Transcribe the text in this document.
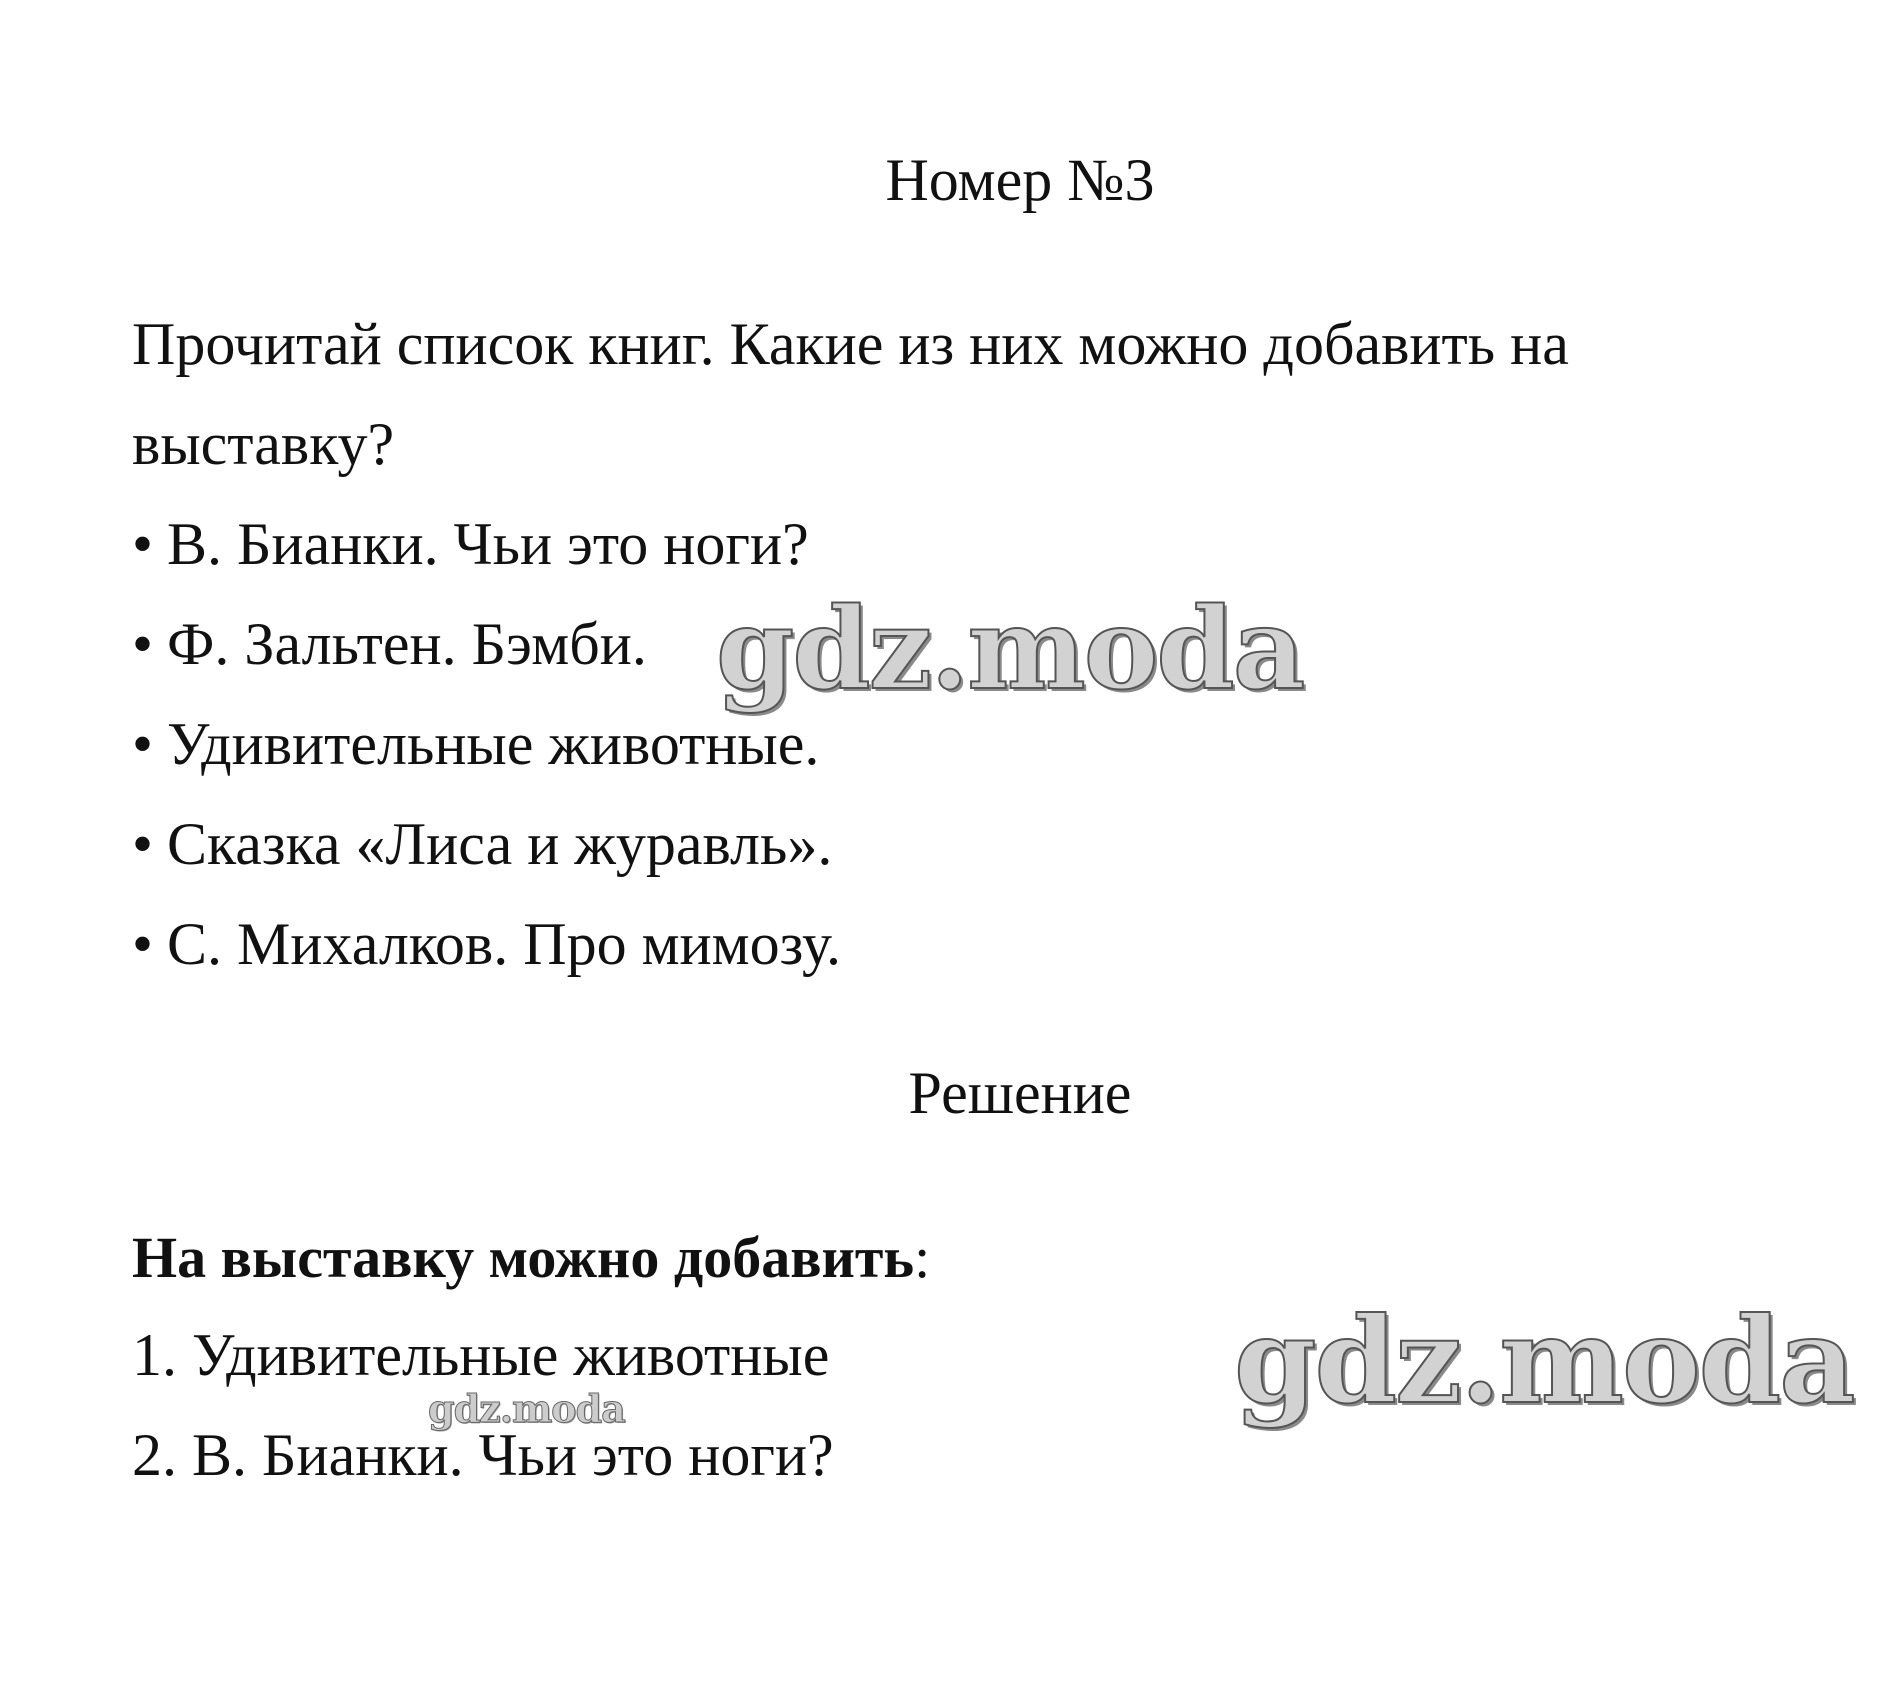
Номер №3

Прочитай список книг. Какие из них можно добавить на выставку?

• В. Бианки. Чьи это ноги?
• Ф. Зальтен. Бэмби.
• Удивительные животные.
• Сказка «Лиса и журавль».
• С. Михалков. Про мимозу.
Решение
На выставку можно добавить:
1. Удивительные животные
2. В. Бианки. Чьи это ноги?
gdz.moda
gdz.moda
gdz.moda
